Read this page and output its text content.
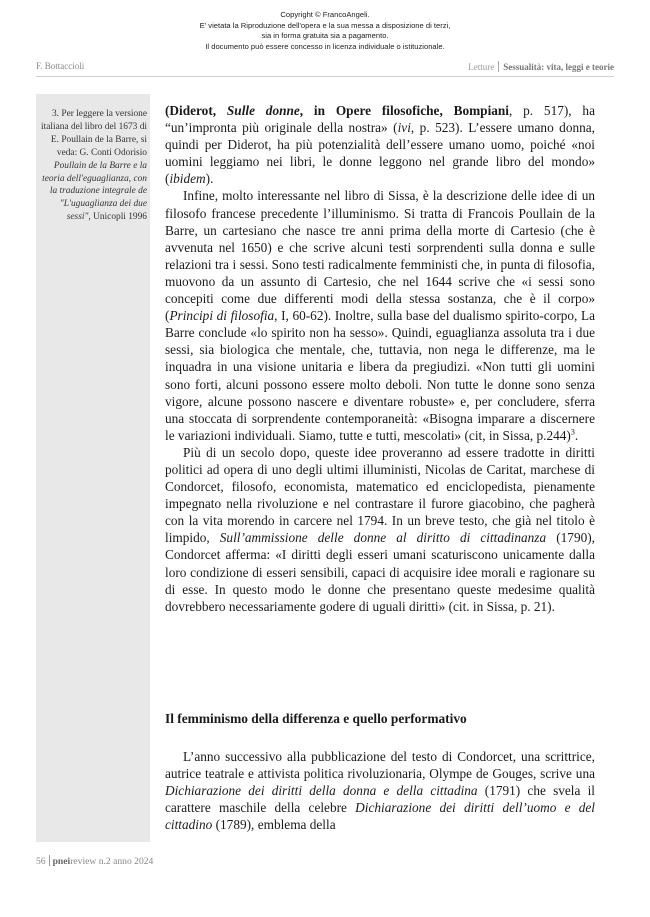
Copyright © FrancoAngeli.
E' vietata la Riproduzione dell'opera e la sua messa a disposizione di terzi,
sia in forma gratuita sia a pagamento.
Il documento può essere concesso in licenza individuale o istituzionale.
F. Bottaccioli	Letture Sessualità: vita, leggi e teorie
3. Per leggere la versione italiana del libro del 1673 di E. Poullain de la Barre, si veda: G. Conti Odorisio Poullain de la Barre e la teoria dell'eguaglianza, con la traduzione integrale de "L'uguaglianza dei due sessi", Unicopli 1996

(Diderot, Sulle donne, in Opere filosofiche, Bompiani, p. 517), ha “un’impronta più originale della nostra» (ivi, p. 523). L’essere umano donna, quindi per Diderot, ha più potenzialità dell’essere umano uomo, poiché «noi uomini leggiamo nei libri, le donne leggono nel grande libro del mondo» (ibidem).

Infine, molto interessante nel libro di Sissa, è la descrizione delle idee di un filosofo francese precedente l’illuminismo. Si tratta di Francois Poullain de la Barre, un cartesiano che nasce tre anni prima della morte di Cartesio (che è avvenuta nel 1650) e che scrive alcuni testi sorprendenti sulla donna e sulle relazioni tra i sessi. Sono testi radicalmente femministi che, in punta di filosofia, muovono da un assunto di Cartesio, che nel 1644 scrive che «i sessi sono concepiti come due differenti modi della stessa sostanza, che è il corpo» (Principi di filosofia, I, 60-62). Inoltre, sulla base del dualismo spirito-corpo, La Barre conclude «lo spirito non ha sesso». Quindi, eguaglianza assoluta tra i due sessi, sia biologica che mentale, che, tuttavia, non nega le differenze, ma le inquadra in una visione unitaria e libera da pregiudizi. «Non tutti gli uomini sono forti, alcuni possono essere molto deboli. Non tutte le donne sono senza vigore, alcune possono nascere e diventare robuste» e, per concludere, sferra una stoccata di sorprendente contemporaneità: «Bisogna imparare a discernere le variazioni individuali. Siamo, tutte e tutti, mescolati» (cit, in Sissa, p.244)$^3$.

Più di un secolo dopo, queste idee proveranno ad essere tradotte in diritti politici ad opera di uno degli ultimi illuministi, Nicolas de Caritat, marchese di Condorcet, filosofo, economista, matematico ed enciclopedista, pienamente impegnato nella rivoluzione e nel contrastare il furore giacobino, che pagherà con la vita morendo in carcere nel 1794. In un breve testo, che già nel titolo è limpido, Sull’ammissione delle donne al diritto di cittadinanza (1790), Condorcet afferma: «I diritti degli esseri umani scaturiscono unicamente dalla loro condizione di esseri sensibili, capaci di acquisire idee morali e ragionare su di esse. In questo modo le donne che presentano queste medesime qualità dovrebbero necessariamente godere di uguali diritti» (cit. in Sissa, p. 21).

Il femminismo della differenza e quello performativo

L’anno successivo alla pubblicazione del testo di Condorcet, una scrittrice, autrice teatrale e attivista politica rivoluzionaria, Olympe de Gouges, scrive una Dichiarazione dei diritti della donna e della cittadina (1791) che svela il carattere maschile della celebre Dichiarazione dei diritti dell’uomo e del cittadino (1789), emblema della

56 pneireview n.2 anno 2024
